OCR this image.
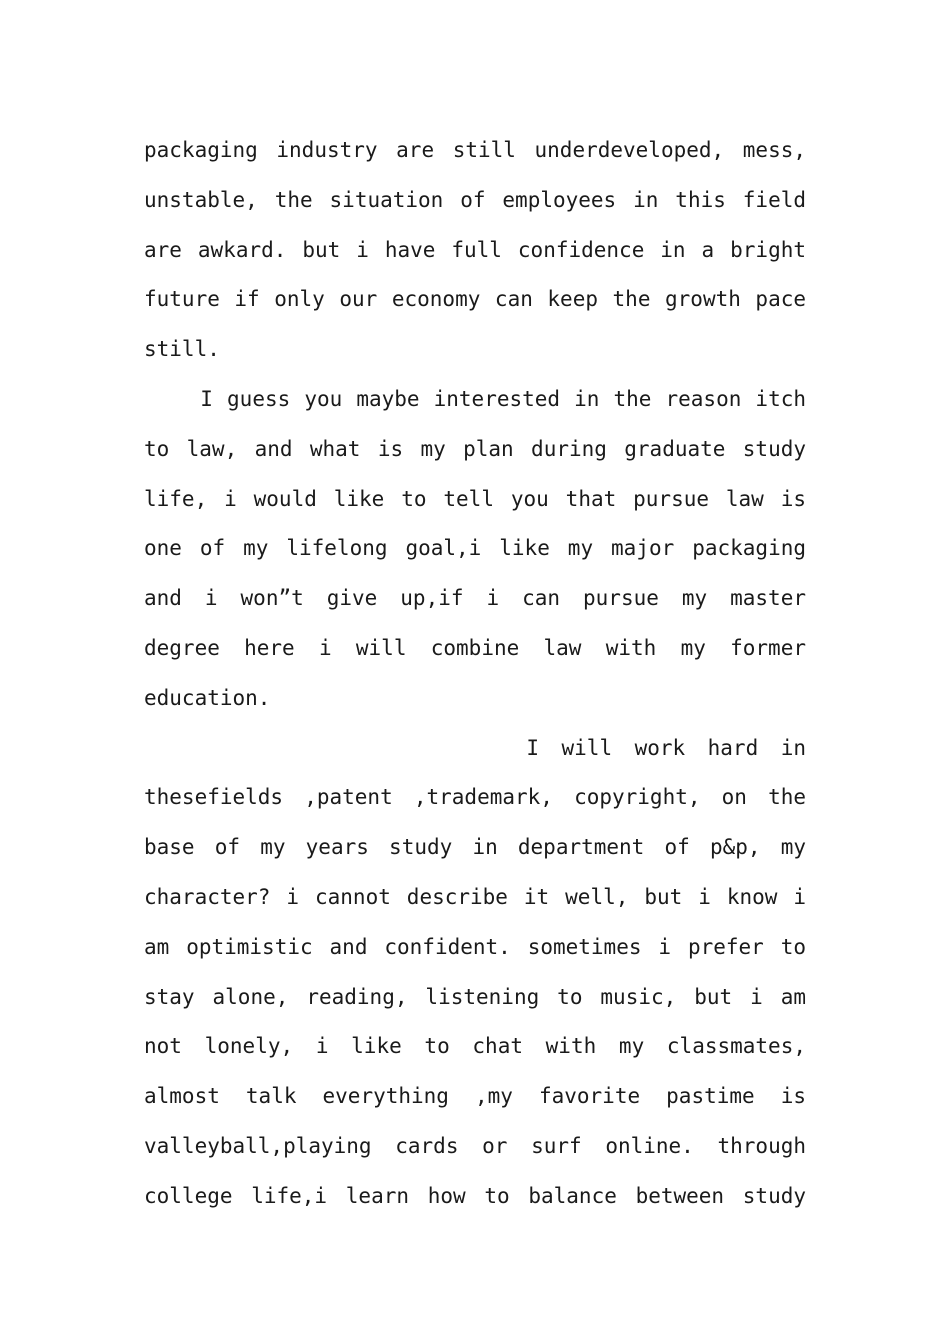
packaging industry are still underdeveloped, mess,
unstable, the situation of employees in this field
are awkard. but i have full confidence in a bright
future if only our economy can keep the growth pace
still.
I guess you maybe interested in the reason itch
to law, and what is my plan during graduate study
life, i would like to tell you that pursue law is
one of my lifelong goal,i like my major packaging
and i won”t give up,if i can pursue my master
degree here i will combine law with my former
education.
I will work hard in
thesefields ,patent ,trademark, copyright, on the
base of my years study in department of p&p, my
character? i cannot describe it well, but i know i
am optimistic and confident. sometimes i prefer to
stay alone, reading, listening to music, but i am
not lonely, i like to chat with my classmates,
almost talk everything ,my favorite pastime is
valleyball,playing cards or surf online. through
college life,i learn how to balance between study
